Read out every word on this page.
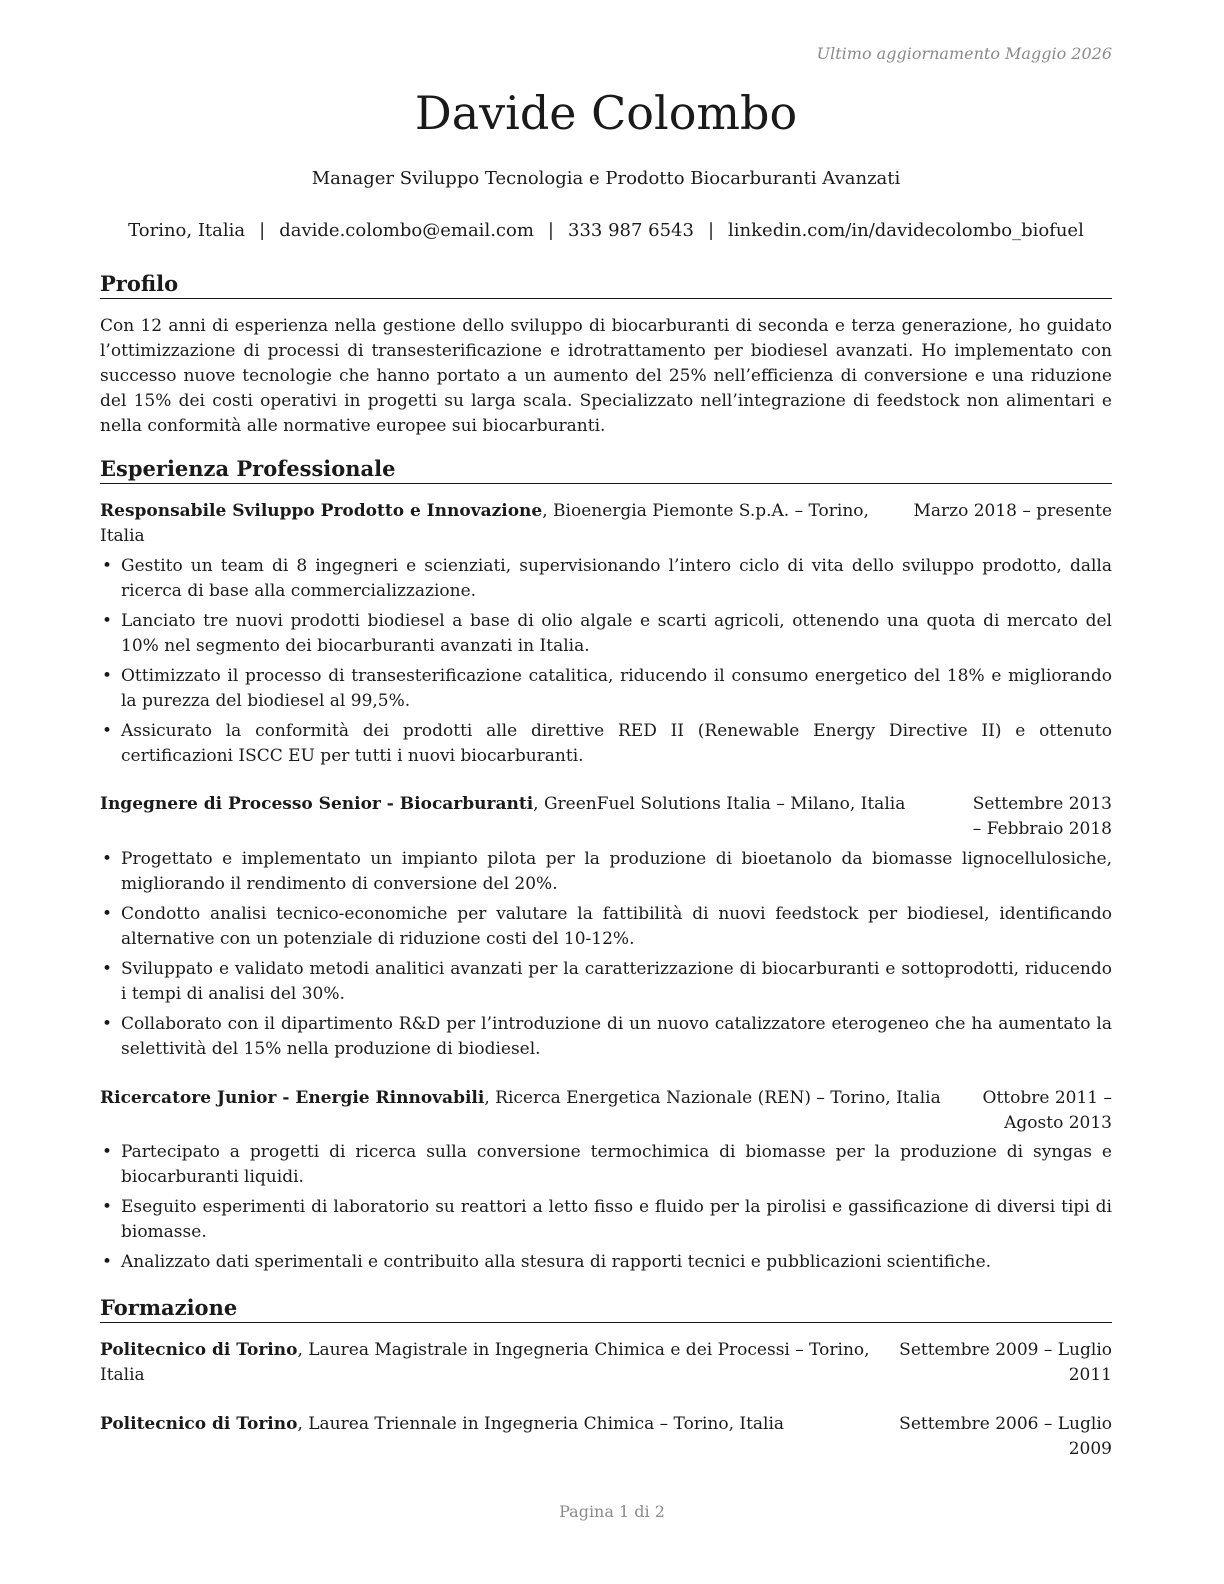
Ultimo aggiornamento Maggio 2026
Davide Colombo
Manager Sviluppo Tecnologia e Prodotto Biocarburanti Avanzati
Torino, Italia | davide.colombo@email.com | 333 987 6543 | linkedin.com/in/davidecolombo_biofuel
Profilo
Con 12 anni di esperienza nella gestione dello sviluppo di biocarburanti di seconda e terza generazione, ho guidato l’ottimizzazione di processi di transesterificazione e idrotrattamento per biodiesel avanzati. Ho implementato con successo nuove tecnologie che hanno portato a un aumento del 25% nell’efficienza di conversione e una riduzione del 15% dei costi operativi in progetti su larga scala. Specializzato nell’integrazione di feedstock non alimentari e nella conformità alle normative europee sui biocarburanti.
Esperienza Professionale
Marzo 2018 – presente
Responsabile Sviluppo Prodotto e Innovazione, Bioenergia Piemonte S.p.A. – Torino, Italia
• Gestito un team di 8 ingegneri e scienziati, supervisionando l’intero ciclo di vita dello sviluppo prodotto, dalla ricerca di base alla commercializzazione.
• Lanciato tre nuovi prodotti biodiesel a base di olio algale e scarti agricoli, ottenendo una quota di mercato del 10% nel segmento dei biocarburanti avanzati in Italia.
• Ottimizzato il processo di transesterificazione catalitica, riducendo il consumo energetico del 18% e migliorando la purezza del biodiesel al 99,5%.
• Assicurato la conformità dei prodotti alle direttive RED II (Renewable Energy Directive II) e ottenuto certificazioni ISCC EU per tutti i nuovi biocarburanti.
Settembre 2013 – Febbraio 2018
Ingegnere di Processo Senior - Biocarburanti, GreenFuel Solutions Italia – Milano, Italia
• Progettato e implementato un impianto pilota per la produzione di bioetanolo da biomasse lignocellulosiche, migliorando il rendimento di conversione del 20%.
• Condotto analisi tecnico-economiche per valutare la fattibilità di nuovi feedstock per biodiesel, identificando alternative con un potenziale di riduzione costi del 10-12%.
• Sviluppato e validato metodi analitici avanzati per la caratterizzazione di biocarburanti e sottoprodotti, riducendo i tempi di analisi del 30%.
• Collaborato con il dipartimento R&D per l’introduzione di un nuovo catalizzatore eterogeneo che ha aumentato la selettività del 15% nella produzione di biodiesel.
Ottobre 2011 – Agosto 2013
Ricercatore Junior - Energie Rinnovabili, Ricerca Energetica Nazionale (REN) – Torino, Italia
• Partecipato a progetti di ricerca sulla conversione termochimica di biomasse per la produzione di syngas e biocarburanti liquidi.
• Eseguito esperimenti di laboratorio su reattori a letto fisso e fluido per la pirolisi e gassificazione di diversi tipi di biomasse.
• Analizzato dati sperimentali e contribuito alla stesura di rapporti tecnici e pubblicazioni scientifiche.
Formazione
Settembre 2009 – Luglio 2011
Politecnico di Torino, Laurea Magistrale in Ingegneria Chimica e dei Processi – Torino, Italia
Settembre 2006 – Luglio 2009
Politecnico di Torino, Laurea Triennale in Ingegneria Chimica – Torino, Italia
Pagina 1 di 2
